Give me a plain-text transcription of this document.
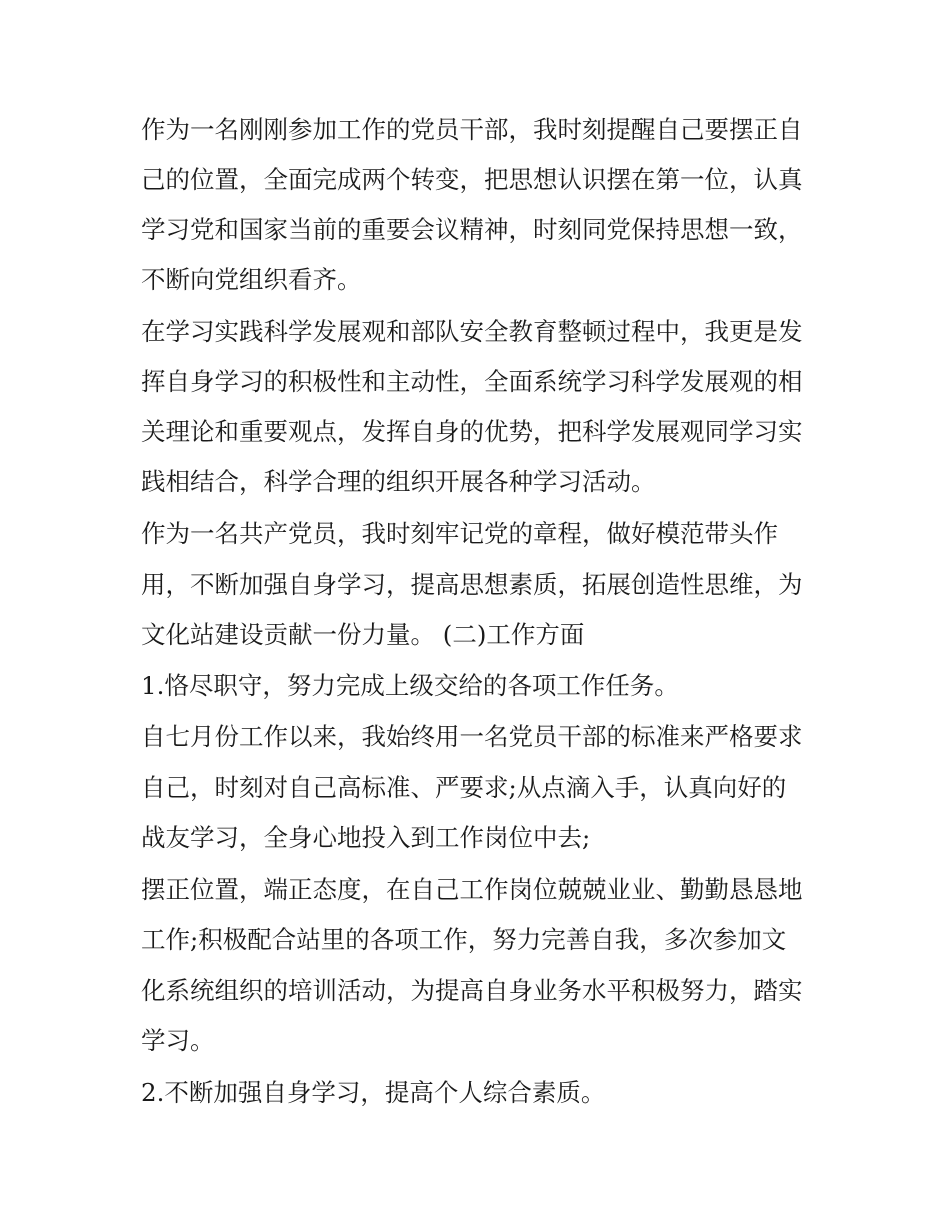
作为一名刚刚参加工作的党员干部，我时刻提醒自己要摆正自

己的位置，全面完成两个转变，把思想认识摆在第一位，认真

学习党和国家当前的重要会议精神，时刻同党保持思想一致，

不断向党组织看齐。

在学习实践科学发展观和部队安全教育整顿过程中，我更是发

挥自身学习的积极性和主动性，全面系统学习科学发展观的相

关理论和重要观点，发挥自身的优势，把科学发展观同学习实

践相结合，科学合理的组织开展各种学习活动。

作为一名共产党员，我时刻牢记党的章程，做好模范带头作

用，不断加强自身学习，提高思想素质，拓展创造性思维，为

文化站建设贡献一份力量。 (二)工作方面

1.恪尽职守，努力完成上级交给的各项工作任务。

自七月份工作以来，我始终用一名党员干部的标准来严格要求

自己，时刻对自己高标准、严要求;从点滴入手，认真向好的

战友学习，全身心地投入到工作岗位中去;

摆正位置，端正态度，在自己工作岗位兢兢业业、勤勤恳恳地

工作;积极配合站里的各项工作，努力完善自我，多次参加文

化系统组织的培训活动，为提高自身业务水平积极努力，踏实

学习。

2.不断加强自身学习，提高个人综合素质。
